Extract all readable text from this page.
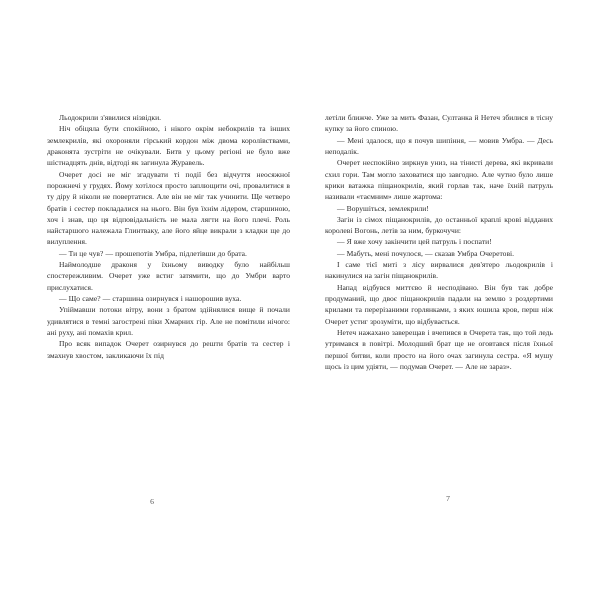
Льодокрили з'явилися нізвідки.

Ніч обіцяла бути спокійною, і нікого окрім небокрилів та інших землекрилів, які охороняли гірський кордон між двома королівствами, драконята зустріти не очікували. Битв у цьому регіоні не було вже шістнадцять днів, відтоді як загинула Журавель.

Очерет досі не міг згадувати ті події без відчуття неосяжної порожнечі у грудях. Йому хотілося просто заплющити очі, провалитися в ту діру й ніколи не повертатися. Але він не міг так учинити. Ще четверо братів і сестер покладалися на нього. Він був їхнім лідером, старшиною, хоч і знав, що ця відповідальність не мала лягти на його плечі. Роль найстаршого належала Глинтваку, але його яйце викрали з кладки ще до вилуплення.

— Ти це чув? — прошепотів Умбра, підлетівши до брата.

Наймолодше драконя у їхньому виводку було найбільш спостережливим. Очерет уже встиг затямити, що до Умбри варто прислухатися.

— Що саме? — старшина озирнувся і нашорошив вуха.

Упіймавши потоки вітру, вони з братом здійнялися вище й почали удивлятися в темні загострені піки Хмарних гір. Але не помітили нічого: ані руху, ані помахів крил.

Про всяк випадок Очерет озирнувся до решти братів та сестер і змахнув хвостом, закликаючи їх під

летіли ближче. Уже за мить Фазан, Султанка й Нетеч збилися в тісну купку за його спиною.

— Мені здалося, що я почув шипіння, — мовив Умбра. — Десь неподалік.

Очерет неспокійно зиркнув униз, на тінисті дерева, які вкривали схил гори. Там могло заховатися що завгодно. Але чутно було лише крики ватажка піщанокрилів, який горлав так, наче їхній патруль називали «таємним» лише жартома:

— Ворушіться, землекрили!

Загін із сімох піщанокрилів, до останньої краплі крові відданих королеві Вогонь, летів за ним, буркочучи:

— Я вже хочу закінчити цей патруль і поспати!

— Мабуть, мені почулося, — сказав Умбра Очеретові.

І саме тієї миті з лісу вирвалися дев'ятеро льодокрилів і накинулися на загін піщанокрилів.

Напад відбувся миттєво й несподівано. Він був так добре продуманий, що двоє піщанокрилів падали на землю з роздертими крилами та перерізаними горлянками, з яких юшила кров, перш ніж Очерет устиг зрозуміти, що відбувається.

Нетеч нажахано заверещав і вчепився в Очерета так, що той ледь утримався в повітрі. Молодший брат ще не оговтався після їхньої першої битви, коли просто на його очах загинула сестра. «Я мушу щось із цим удіяти, — подумав Очерет. — Але не зараз».

6	7
